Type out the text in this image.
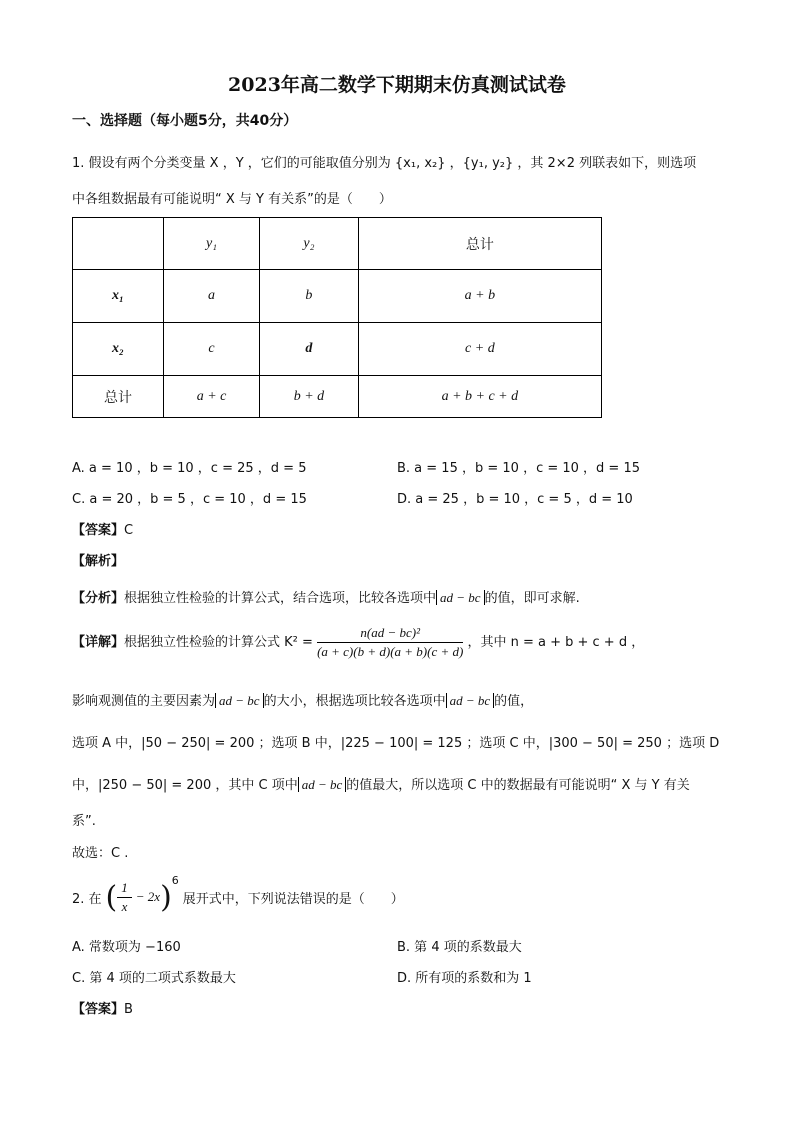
2023年高二数学下期期末仿真测试试卷
一、选择题（每小题5分，共40分）
1. 假设有两个分类变量 X ，Y ，它们的可能取值分别为 {x₁, x₂} ，{y₁, y₂} ，其 2×2 列联表如下，则选项
中各组数据最有可能说明“ X 与 Y 有关系”的是（　　）
	y₁	y₂	总计
x₁	a	b	a + b
x₂	c	d	c + d
总计	a + c	b + d	a + b + c + d
A. a = 10 ，b = 10 ，c = 25 ，d = 5	B. a = 15 ，b = 10 ，c = 10 ，d = 15
C. a = 20 ，b = 5 ，c = 10 ，d = 15	D. a = 25 ，b = 10 ，c = 5 ，d = 10
【答案】C
【解析】
【分析】根据独立性检验的计算公式，结合选项，比较各选项中 ad − bc 的值，即可求解.
【详解】根据独立性检验的计算公式 $K^2 = \frac{\text{n(ad − bc)²}}{(a + c)(b + d)(a + b)(c + d)}$ ，其中 n = a + b + c + d ，
影响观测值的主要因素为 ad − bc 的大小，根据选项比较各选项中 ad − bc 的值，
选项 A 中，|50 − 250| = 200 ；选项 B 中，|225 − 100| = 125 ；选项 C 中，|300 − 50| = 250 ；选项 D
中，|250 − 50| = 200 ，其中 C 项中 ad − bc 的值最大，所以选项 C 中的数据最有可能说明“ X 与 Y 有关
系”.
故选：C .
2. 在 ( $\frac{1}{x} - 2x$ )$^6$
展开式中，下列说法错误的是（　　）
A. 常数项为 −160	B. 第 4 项的系数最大
C. 第 4 项的二项式系数最大	D. 所有项的系数和为 1
【答案】B
